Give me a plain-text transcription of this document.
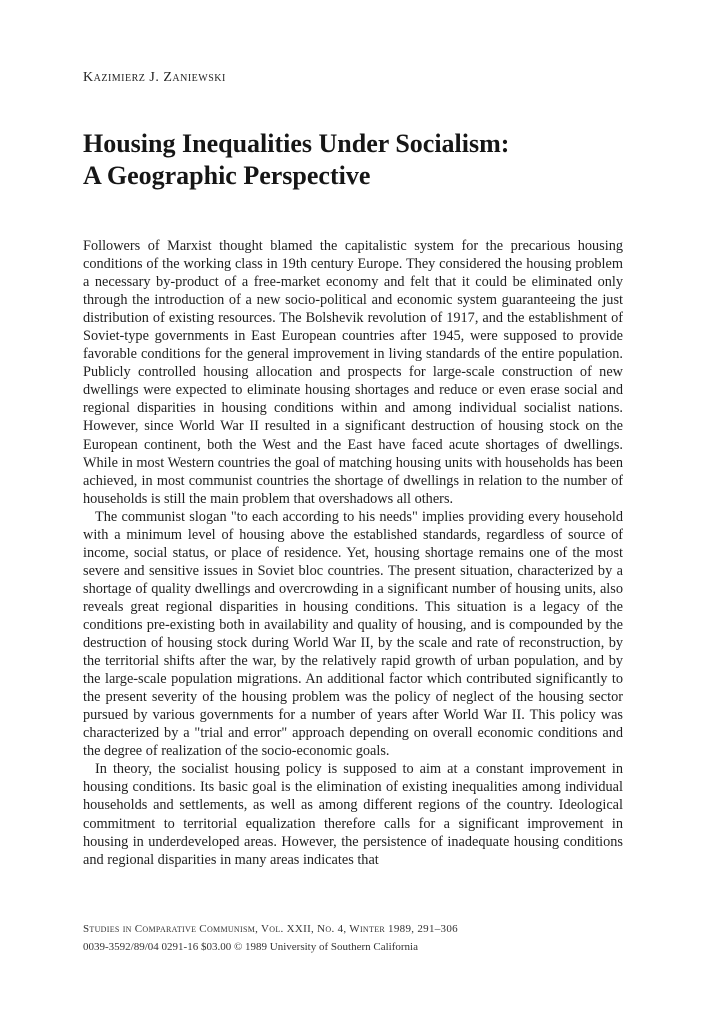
Kazimierz J. Zaniewski
Housing Inequalities Under Socialism:
A Geographic Perspective

Followers of Marxist thought blamed the capitalistic system for the precarious housing conditions of the working class in 19th century Europe. They considered the housing problem a necessary by-product of a free-market economy and felt that it could be eliminated only through the introduction of a new socio-political and economic system guaranteeing the just distribution of existing resources. The Bolshevik revolution of 1917, and the establishment of Soviet-type governments in East European countries after 1945, were supposed to provide favorable conditions for the general improvement in living standards of the entire population. Publicly controlled housing allocation and prospects for large-scale construction of new dwellings were expected to eliminate housing shortages and reduce or even erase social and regional disparities in housing conditions within and among individual socialist nations. However, since World War II resulted in a significant destruction of housing stock on the European continent, both the West and the East have faced acute shortages of dwellings. While in most Western countries the goal of matching housing units with households has been achieved, in most communist countries the shortage of dwellings in relation to the number of households is still the main problem that overshadows all others.

The communist slogan "to each according to his needs" implies providing every household with a minimum level of housing above the established standards, regardless of source of income, social status, or place of residence. Yet, housing shortage remains one of the most severe and sensitive issues in Soviet bloc countries. The present situation, characterized by a shortage of quality dwellings and overcrowding in a significant number of housing units, also reveals great regional disparities in housing conditions. This situation is a legacy of the conditions pre-existing both in availability and quality of housing, and is compounded by the destruction of housing stock during World War II, by the scale and rate of reconstruction, by the territorial shifts after the war, by the relatively rapid growth of urban population, and by the large-scale population migrations. An additional factor which contributed significantly to the present severity of the housing problem was the policy of neglect of the housing sector pursued by various governments for a number of years after World War II. This policy was characterized by a "trial and error" approach depending on overall economic conditions and the degree of realization of the socio-economic goals.

In theory, the socialist housing policy is supposed to aim at a constant improvement in housing conditions. Its basic goal is the elimination of existing inequalities among individual households and settlements, as well as among different regions of the country. Ideological commitment to territorial equalization therefore calls for a significant improvement in housing in underdeveloped areas. However, the persistence of inadequate housing conditions and regional disparities in many areas indicates that

Studies in Comparative Communism, Vol. XXII, No. 4, Winter 1989, 291–306
0039-3592/89/04 0291-16 $03.00 © 1989 University of Southern California
